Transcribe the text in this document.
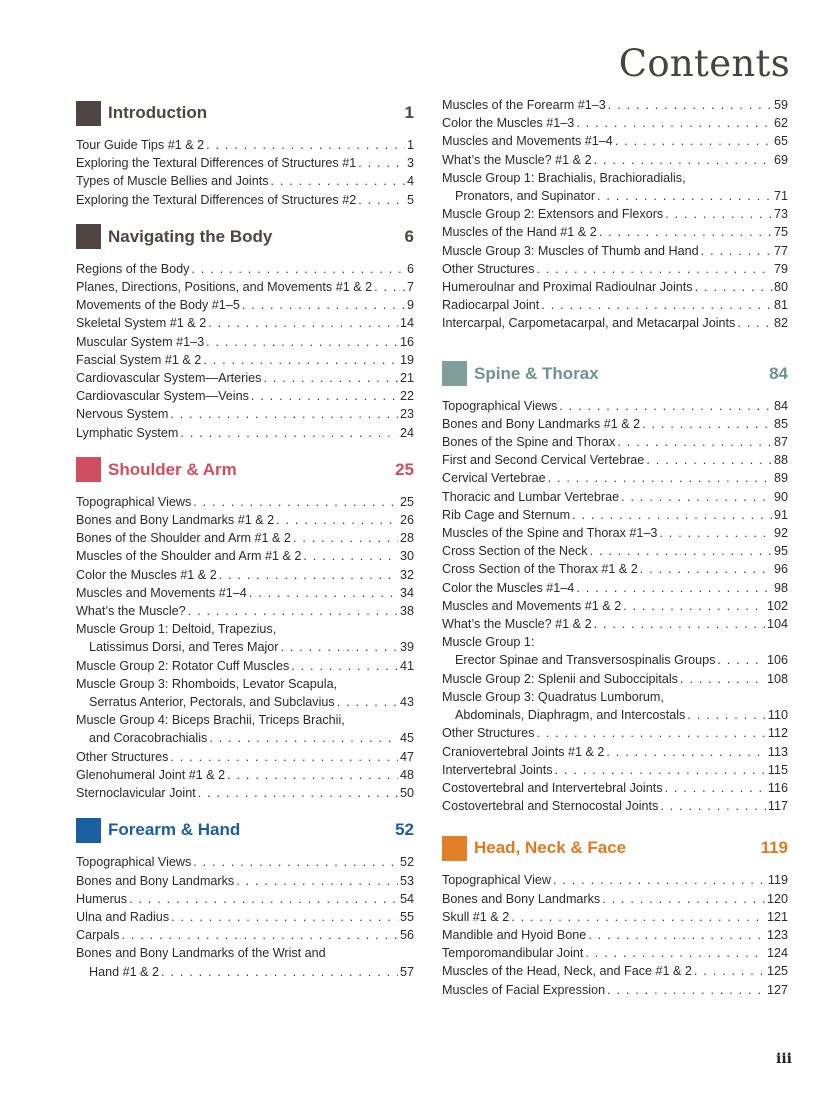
Contents
Introduction	1
Tour Guide Tips #1 & 2 . . .	1
Exploring the Textural Differences of Structures #1 . . .	3
Types of Muscle Bellies and Joints . . .	4
Exploring the Textural Differences of Structures #2 . . .	5
Navigating the Body	6
Regions of the Body . . .	6
Planes, Directions, Positions, and Movements #1 & 2 . . .	7
Movements of the Body #1–5 . . .	9
Skeletal System #1 & 2 . . .	14
Muscular System #1–3 . . .	16
Fascial System #1 & 2 . . .	19
Cardiovascular System—Arteries . . .	21
Cardiovascular System—Veins . . .	22
Nervous System . . .	23
Lymphatic System . . .	24
Shoulder & Arm	25
Topographical Views . . .	25
Bones and Bony Landmarks #1 & 2 . . .	26
Bones of the Shoulder and Arm #1 & 2 . . .	28
Muscles of the Shoulder and Arm #1 & 2 . . .	30
Color the Muscles #1 & 2 . . .	32
Muscles and Movements #1–4 . . .	34
What’s the Muscle? . . .	38
Muscle Group 1: Deltoid, Trapezius,
Latissimus Dorsi, and Teres Major . . .	39
Muscle Group 2: Rotator Cuff Muscles . . .	41
Muscle Group 3: Rhomboids, Levator Scapula,
Serratus Anterior, Pectorals, and Subclavius . . .	43
Muscle Group 4: Biceps Brachii, Triceps Brachii,
and Coracobrachialis . . .	45
Other Structures . . .	47
Glenohumeral Joint #1 & 2 . . .	48
Sternoclavicular Joint . . .	50
Forearm & Hand	52
Topographical Views . . .	52
Bones and Bony Landmarks . . .	53
Humerus . . .	54
Ulna and Radius . . .	55
Carpals . . .	56
Bones and Bony Landmarks of the Wrist and
Hand #1 & 2 . . .	57
Muscles of the Forearm #1–3 . . .	59
Color the Muscles #1–3 . . .	62
Muscles and Movements #1–4 . . .	65
What’s the Muscle? #1 & 2 . . .	69
Muscle Group 1: Brachialis, Brachioradialis,
Pronators, and Supinator . . .	71
Muscle Group 2: Extensors and Flexors . . .	73
Muscles of the Hand #1 & 2 . . .	75
Muscle Group 3: Muscles of Thumb and Hand . . .	77
Other Structures . . .	79
Humeroulnar and Proximal Radioulnar Joints . . .	80
Radiocarpal Joint . . .	81
Intercarpal, Carpometacarpal, and Metacarpal Joints . . .	82
Spine & Thorax	84
Topographical Views . . .	84
Bones and Bony Landmarks #1 & 2 . . .	85
Bones of the Spine and Thorax . . .	87
First and Second Cervical Vertebrae . . .	88
Cervical Vertebrae . . .	89
Thoracic and Lumbar Vertebrae . . .	90
Rib Cage and Sternum . . .	91
Muscles of the Spine and Thorax #1–3 . . .	92
Cross Section of the Neck . . .	95
Cross Section of the Thorax #1 & 2 . . .	96
Color the Muscles #1–4 . . .	98
Muscles and Movements #1 & 2 . . .	102
What’s the Muscle? #1 & 2 . . .	104
Muscle Group 1:
Erector Spinae and Transversospinalis Groups . . .	106
Muscle Group 2: Splenii and Suboccipitals . . .	108
Muscle Group 3: Quadratus Lumborum,
Abdominals, Diaphragm, and Intercostals . . .	110
Other Structures . . .	112
Craniovertebral Joints #1 & 2 . . .	113
Intervertebral Joints . . .	115
Costovertebral and Intervertebral Joints . . .	116
Costovertebral and Sternocostal Joints . . .	117
Head, Neck & Face	119
Topographical View . . .	119
Bones and Bony Landmarks . . .	120
Skull #1 & 2 . . .	121
Mandible and Hyoid Bone . . .	123
Temporomandibular Joint . . .	124
Muscles of the Head, Neck, and Face #1 & 2 . . .	125
Muscles of Facial Expression . . .	127
iii
